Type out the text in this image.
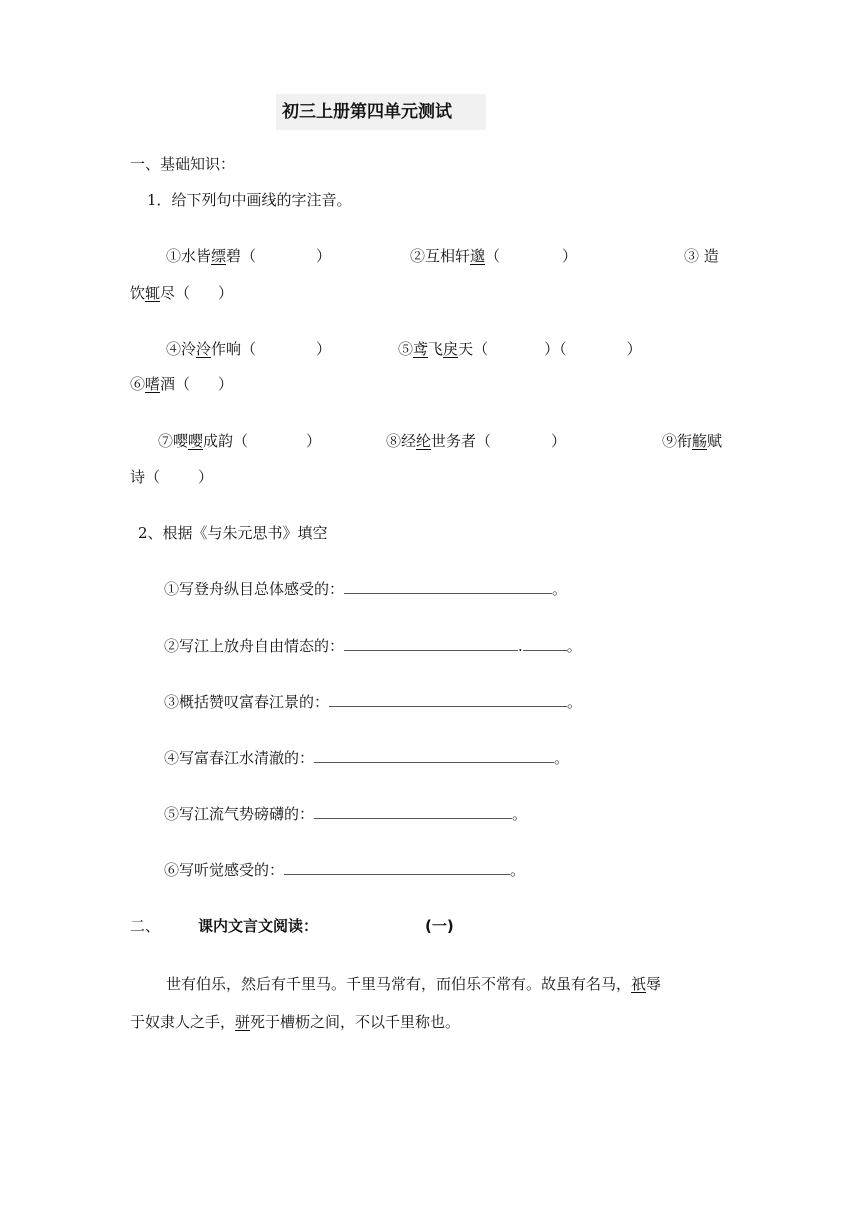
初三上册第四单元测试
一、基础知识：
1．给下列句中画线的字注音。
①水皆缥碧（	）	②互相轩邈（	）	③ 造
饮辄尽（ ）
④泠泠作响（	）	⑤鸢飞戾天（	）（	）
⑥嗜酒（ ）
⑦嘤嘤成韵（	）	⑧经纶世务者（	）	⑨衔觞赋
诗（	）
2、根据《与朱元思书》填空
①写登舟纵目总体感受的：	。
②写江上放舟自由情态的：	.	。
③概括赞叹富春江景的：	。
④写富春江水清澈的：	。
⑤写江流气势磅礴的：	。
⑥写听觉感受的：	。
二、	课内文言文阅读：	(一)
世有伯乐，然后有千里马。千里马常有，而伯乐不常有。故虽有名马，祇辱
于奴隶人之手，骈死于槽枥之间，不以千里称也。
